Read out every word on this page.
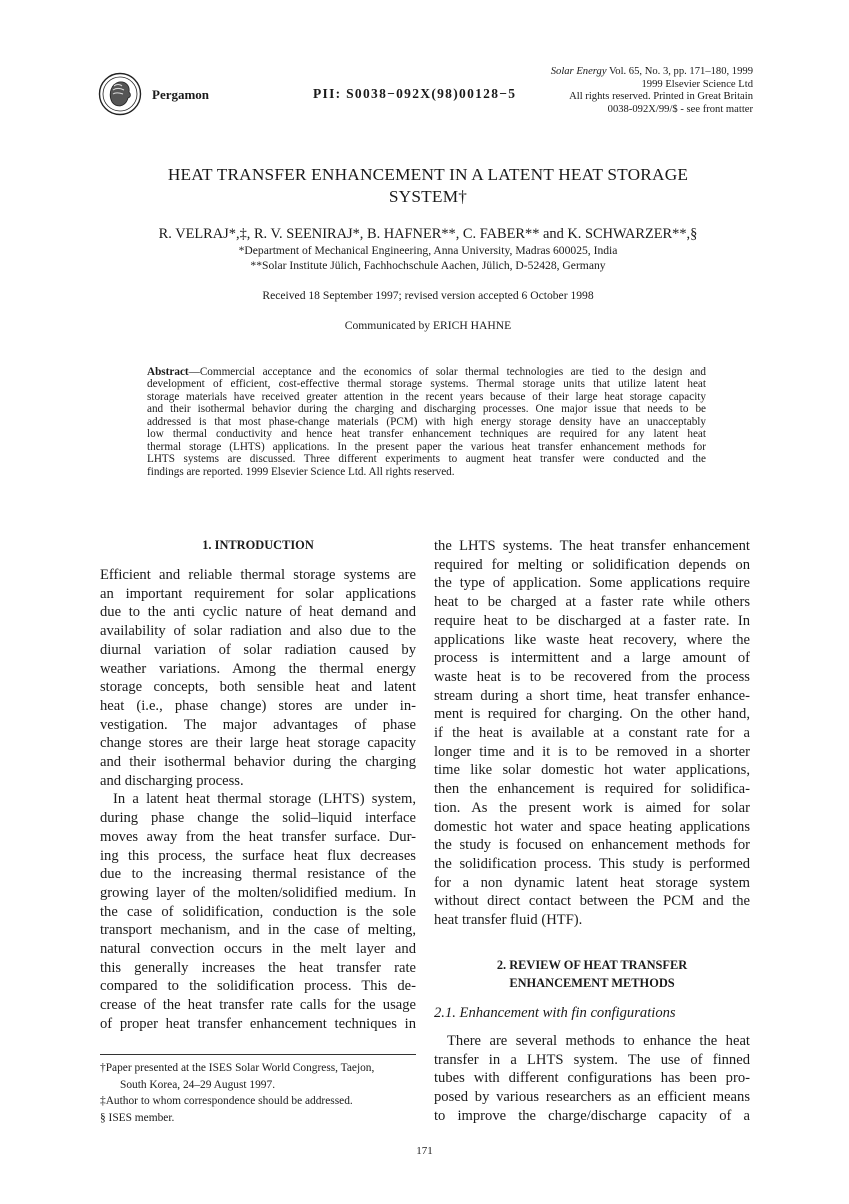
Pergamon	PII: S0038−092X(98)00128−5
Solar Energy Vol. 65, No. 3, pp. 171–180, 1999
1999 Elsevier Science Ltd
All rights reserved. Printed in Great Britain
0038-092X/99/$ - see front matter
HEAT TRANSFER ENHANCEMENT IN A LATENT HEAT STORAGE
SYSTEM†
R. VELRAJ*,‡, R. V. SEENIRAJ*, B. HAFNER**, C. FABER** and K. SCHWARZER**,§
*Department of Mechanical Engineering, Anna University, Madras 600025, India
**Solar Institute Jülich, Fachhochschule Aachen, Jülich, D-52428, Germany
Received 18 September 1997; revised version accepted 6 October 1998
Communicated by ERICH HAHNE
Abstract—Commercial acceptance and the economics of solar thermal technologies are tied to the design and
development of efficient, cost-effective thermal storage systems. Thermal storage units that utilize latent heat
storage materials have received greater attention in the recent years because of their large heat storage capacity
and their isothermal behavior during the charging and discharging processes. One major issue that needs to be
addressed is that most phase-change materials (PCM) with high energy storage density have an unacceptably
low thermal conductivity and hence heat transfer enhancement techniques are required for any latent heat
thermal storage (LHTS) applications. In the present paper the various heat transfer enhancement methods for
LHTS systems are discussed. Three different experiments to augment heat transfer were conducted and the
findings are reported. 1999 Elsevier Science Ltd. All rights reserved.
1. INTRODUCTION
Efficient and reliable thermal storage systems are
an important requirement for solar applications
due to the anti cyclic nature of heat demand and
availability of solar radiation and also due to the
diurnal variation of solar radiation caused by
weather variations. Among the thermal energy
storage concepts, both sensible heat and latent
heat (i.e., phase change) stores are under in-
vestigation. The major advantages of phase
change stores are their large heat storage capacity
and their isothermal behavior during the charging
and discharging process.
In a latent heat thermal storage (LHTS) system,
during phase change the solid–liquid interface
moves away from the heat transfer surface. Dur-
ing this process, the surface heat flux decreases
due to the increasing thermal resistance of the
growing layer of the molten/solidified medium. In
the case of solidification, conduction is the sole
transport mechanism, and in the case of melting,
natural convection occurs in the melt layer and
this generally increases the heat transfer rate
compared to the solidification process. This de-
crease of the heat transfer rate calls for the usage
of proper heat transfer enhancement techniques in
the LHTS systems. The heat transfer enhancement
required for melting or solidification depends on
the type of application. Some applications require
heat to be charged at a faster rate while others
require heat to be discharged at a faster rate. In
applications like waste heat recovery, where the
process is intermittent and a large amount of
waste heat is to be recovered from the process
stream during a short time, heat transfer enhance-
ment is required for charging. On the other hand,
if the heat is available at a constant rate for a
longer time and it is to be removed in a shorter
time like solar domestic hot water applications,
then the enhancement is required for solidifica-
tion. As the present work is aimed for solar
domestic hot water and space heating applications
the study is focused on enhancement methods for
the solidification process. This study is performed
for a non dynamic latent heat storage system
without direct contact between the PCM and the
heat transfer fluid (HTF).
2. REVIEW OF HEAT TRANSFER
ENHANCEMENT METHODS
2.1. Enhancement with fin configurations
There are several methods to enhance the heat
transfer in a LHTS system. The use of finned
tubes with different configurations has been pro-
posed by various researchers as an efficient means
to improve the charge/discharge capacity of a
†Paper presented at the ISES Solar World Congress, Taejon,
South Korea, 24–29 August 1997.
‡Author to whom correspondence should be addressed.
§ ISES member.
171
